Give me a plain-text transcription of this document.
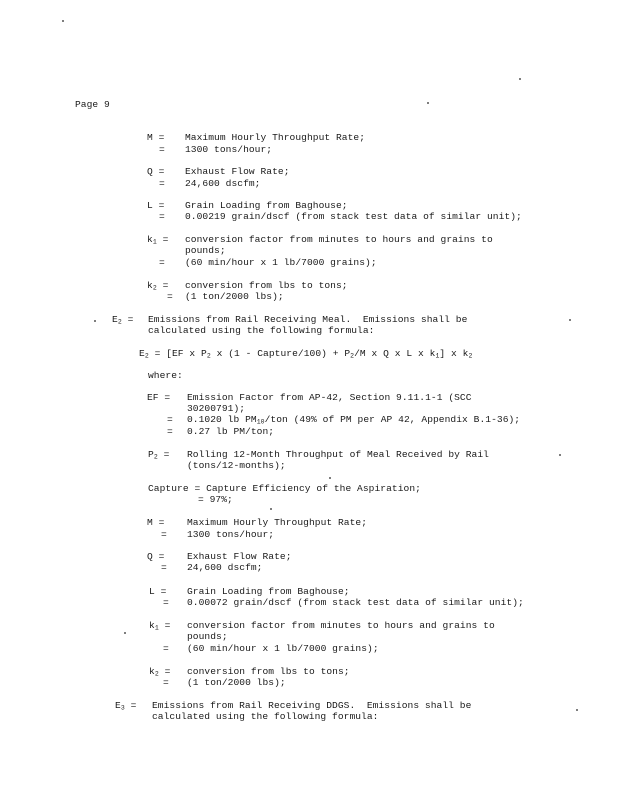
Page 9
M = Maximum Hourly Throughput Rate;
= 1300 tons/hour;
Q = Exhaust Flow Rate;
= 24,600 dscfm;
L = Grain Loading from Baghouse;
= 0.00219 grain/dscf (from stack test data of similar unit);
$k_1$ = conversion factor from minutes to hours and grains to
pounds;
= (60 min/hour x 1 lb/7000 grains);
$k_2$ = conversion from lbs to tons;
= (1 ton/2000 lbs);
$E_2$ = Emissions from Rail Receiving Meal.  Emissions shall be
calculated using the following formula:
$E_2 = [EF$ x $P_2$ x (1 - Capture/100) + $P_2/M$ x Q x L x $k_1$] x $k_2$
where:
EF = Emission Factor from AP-42, Section 9.11.1-1 (SCC
30200791);
= 0.1020 lb $PM_{10}$/ton (49% of PM per AP 42, Appendix B.1-36);
= 0.27 lb PM/ton;
$P_2$ = Rolling 12-Month Throughput of Meal Received by Rail
(tons/12-months);
Capture = Capture Efficiency of the Aspiration;
= 97%;
M = Maximum Hourly Throughput Rate;
= 1300 tons/hour;
Q = Exhaust Flow Rate;
= 24,600 dscfm;
L = Grain Loading from Baghouse;
= 0.00072 grain/dscf (from stack test data of similar unit);
$k_1$ = conversion factor from minutes to hours and grains to
pounds;
= (60 min/hour x 1 lb/7000 grains);
$k_2$ = conversion from lbs to tons;
= (1 ton/2000 lbs);
$E_3$ = Emissions from Rail Receiving DDGS.  Emissions shall be
calculated using the following formula:
